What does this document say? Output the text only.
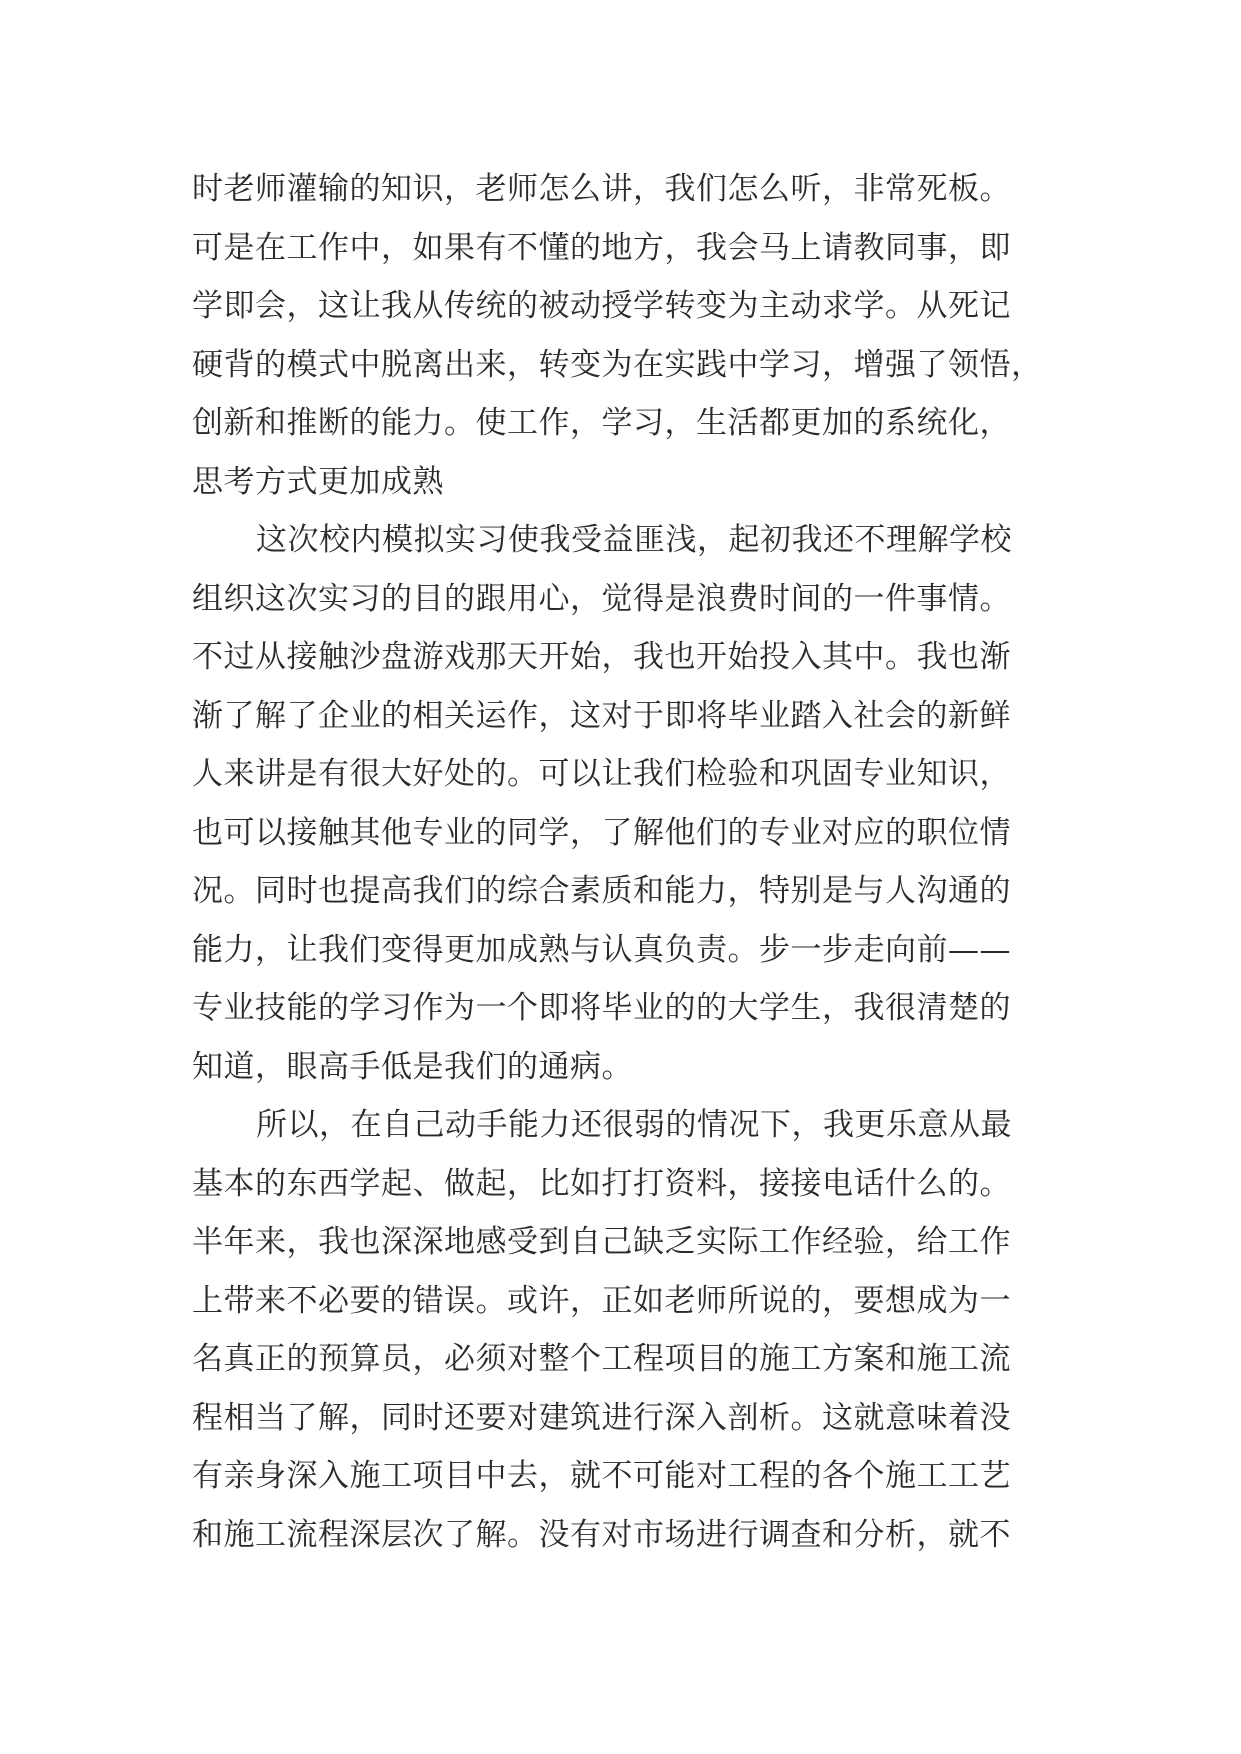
时老师灌输的知识，老师怎么讲，我们怎么听，非常死板。
可是在工作中，如果有不懂的地方，我会马上请教同事，即
学即会，这让我从传统的被动授学转变为主动求学。从死记
硬背的模式中脱离出来，转变为在实践中学习，增强了领悟，
创新和推断的能力。使工作，学习，生活都更加的系统化，
思考方式更加成熟
这次校内模拟实习使我受益匪浅，起初我还不理解学校
组织这次实习的目的跟用心，觉得是浪费时间的一件事情。
不过从接触沙盘游戏那天开始，我也开始投入其中。我也渐
渐了解了企业的相关运作，这对于即将毕业踏入社会的新鲜
人来讲是有很大好处的。可以让我们检验和巩固专业知识，
也可以接触其他专业的同学，了解他们的专业对应的职位情
况。同时也提高我们的综合素质和能力，特别是与人沟通的
能力，让我们变得更加成熟与认真负责。步一步走向前——
专业技能的学习作为一个即将毕业的的大学生，我很清楚的
知道，眼高手低是我们的通病。
所以，在自己动手能力还很弱的情况下，我更乐意从最
基本的东西学起、做起，比如打打资料，接接电话什么的。
半年来，我也深深地感受到自己缺乏实际工作经验，给工作
上带来不必要的错误。或许，正如老师所说的，要想成为一
名真正的预算员，必须对整个工程项目的施工方案和施工流
程相当了解，同时还要对建筑进行深入剖析。这就意味着没
有亲身深入施工项目中去，就不可能对工程的各个施工工艺
和施工流程深层次了解。没有对市场进行调查和分析，就不
